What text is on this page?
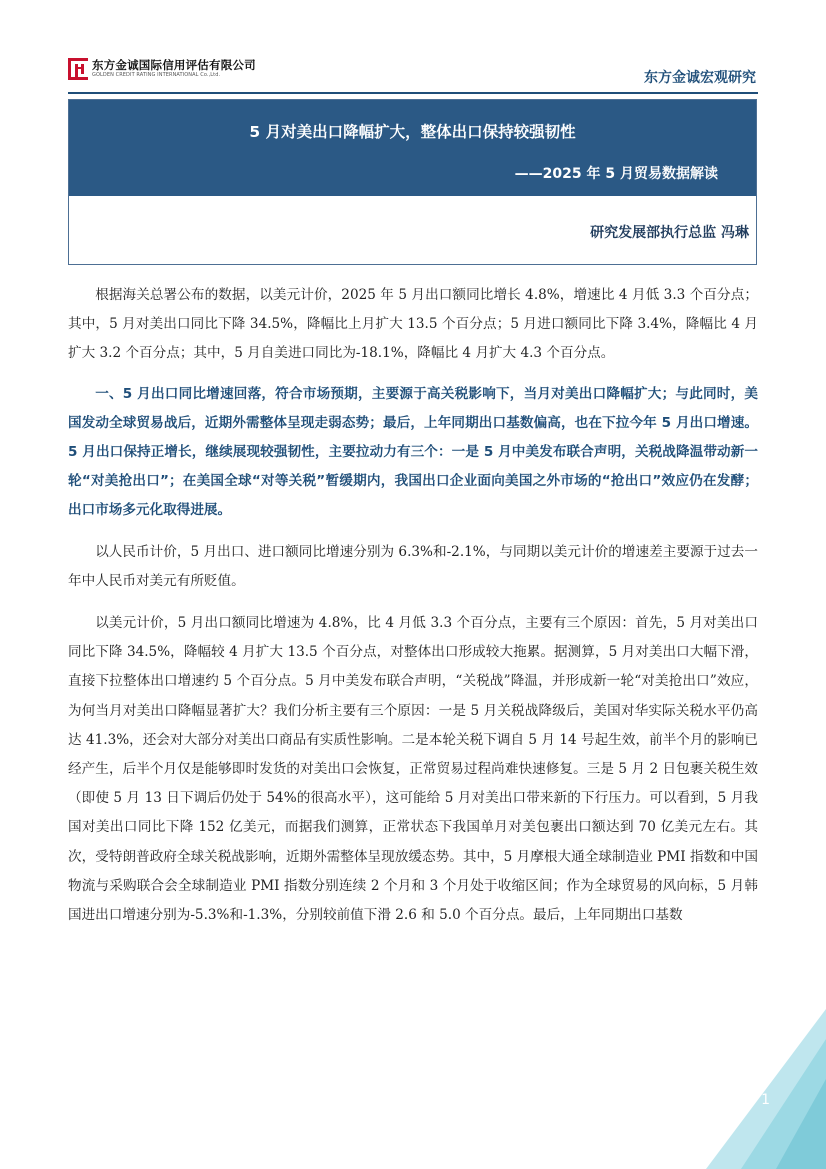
东方金诚国际信用评估有限公司
GOLDEN CREDIT RATING INTERNATIONAL Co.,Ltd.	东方金诚宏观研究
5 月对美出口降幅扩大，整体出口保持较强韧性
——2025 年 5 月贸易数据解读
研究发展部执行总监 冯琳

根据海关总署公布的数据，以美元计价，2025 年 5 月出口额同比增长 4.8%，增速比 4 月低 3.3 个百分点；其中，5 月对美出口同比下降 34.5%，降幅比上月扩大 13.5 个百分点；5 月进口额同比下降 3.4%，降幅比 4 月扩大 3.2 个百分点；其中，5 月自美进口同比为-18.1%，降幅比 4 月扩大 4.3 个百分点。

一、5 月出口同比增速回落，符合市场预期，主要源于高关税影响下，当月对美出口降幅扩大；与此同时，美国发动全球贸易战后，近期外需整体呈现走弱态势；最后，上年同期出口基数偏高，也在下拉今年 5 月出口增速。5 月出口保持正增长，继续展现较强韧性，主要拉动力有三个：一是 5 月中美发布联合声明，关税战降温带动新一轮“对美抢出口”；在美国全球“对等关税”暂缓期内，我国出口企业面向美国之外市场的“抢出口”效应仍在发酵；出口市场多元化取得进展。

以人民币计价，5 月出口、进口额同比增速分别为 6.3%和-2.1%，与同期以美元计价的增速差主要源于过去一年中人民币对美元有所贬值。

以美元计价，5 月出口额同比增速为 4.8%，比 4 月低 3.3 个百分点，主要有三个原因：首先，5 月对美出口同比下降 34.5%，降幅较 4 月扩大 13.5 个百分点，对整体出口形成较大拖累。据测算，5 月对美出口大幅下滑，直接下拉整体出口增速约 5 个百分点。5 月中美发布联合声明，“关税战”降温，并形成新一轮“对美抢出口”效应，为何当月对美出口降幅显著扩大？我们分析主要有三个原因：一是 5 月关税战降级后，美国对华实际关税水平仍高达 41.3%，还会对大部分对美出口商品有实质性影响。二是本轮关税下调自 5 月 14 号起生效，前半个月的影响已经产生，后半个月仅是能够即时发货的对美出口会恢复，正常贸易过程尚难快速修复。三是 5 月 2 日包裹关税生效（即使 5 月 13 日下调后仍处于 54%的很高水平），这可能给 5 月对美出口带来新的下行压力。可以看到，5 月我国对美出口同比下降 152 亿美元，而据我们测算，正常状态下我国单月对美包裹出口额达到 70 亿美元左右。其次，受特朗普政府全球关税战影响，近期外需整体呈现放缓态势。其中，5 月摩根大通全球制造业 PMI 指数和中国物流与采购联合会全球制造业 PMI 指数分别连续 2 个月和 3 个月处于收缩区间；作为全球贸易的风向标，5 月韩国进出口增速分别为-5.3%和-1.3%，分别较前值下滑 2.6 和 5.0 个百分点。最后，上年同期出口基数

1
